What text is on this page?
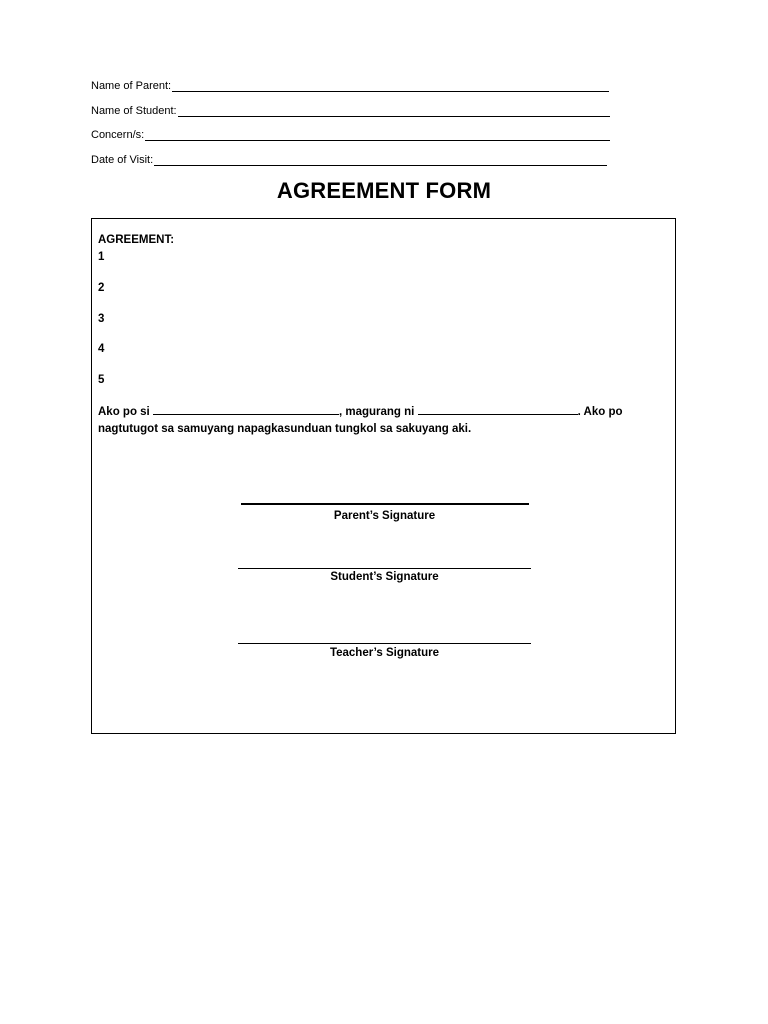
Name of Parent:
Name of Student:
Concern/s:
Date of Visit:
AGREEMENT FORM
AGREEMENT:
1
2
3
4
5
Ako po si	, magurang ni	. Ako po nagtutugot sa samuyang napagkasunduan tungkol sa sakuyang aki.
Parent’s Signature
Student’s Signature
Teacher’s Signature
